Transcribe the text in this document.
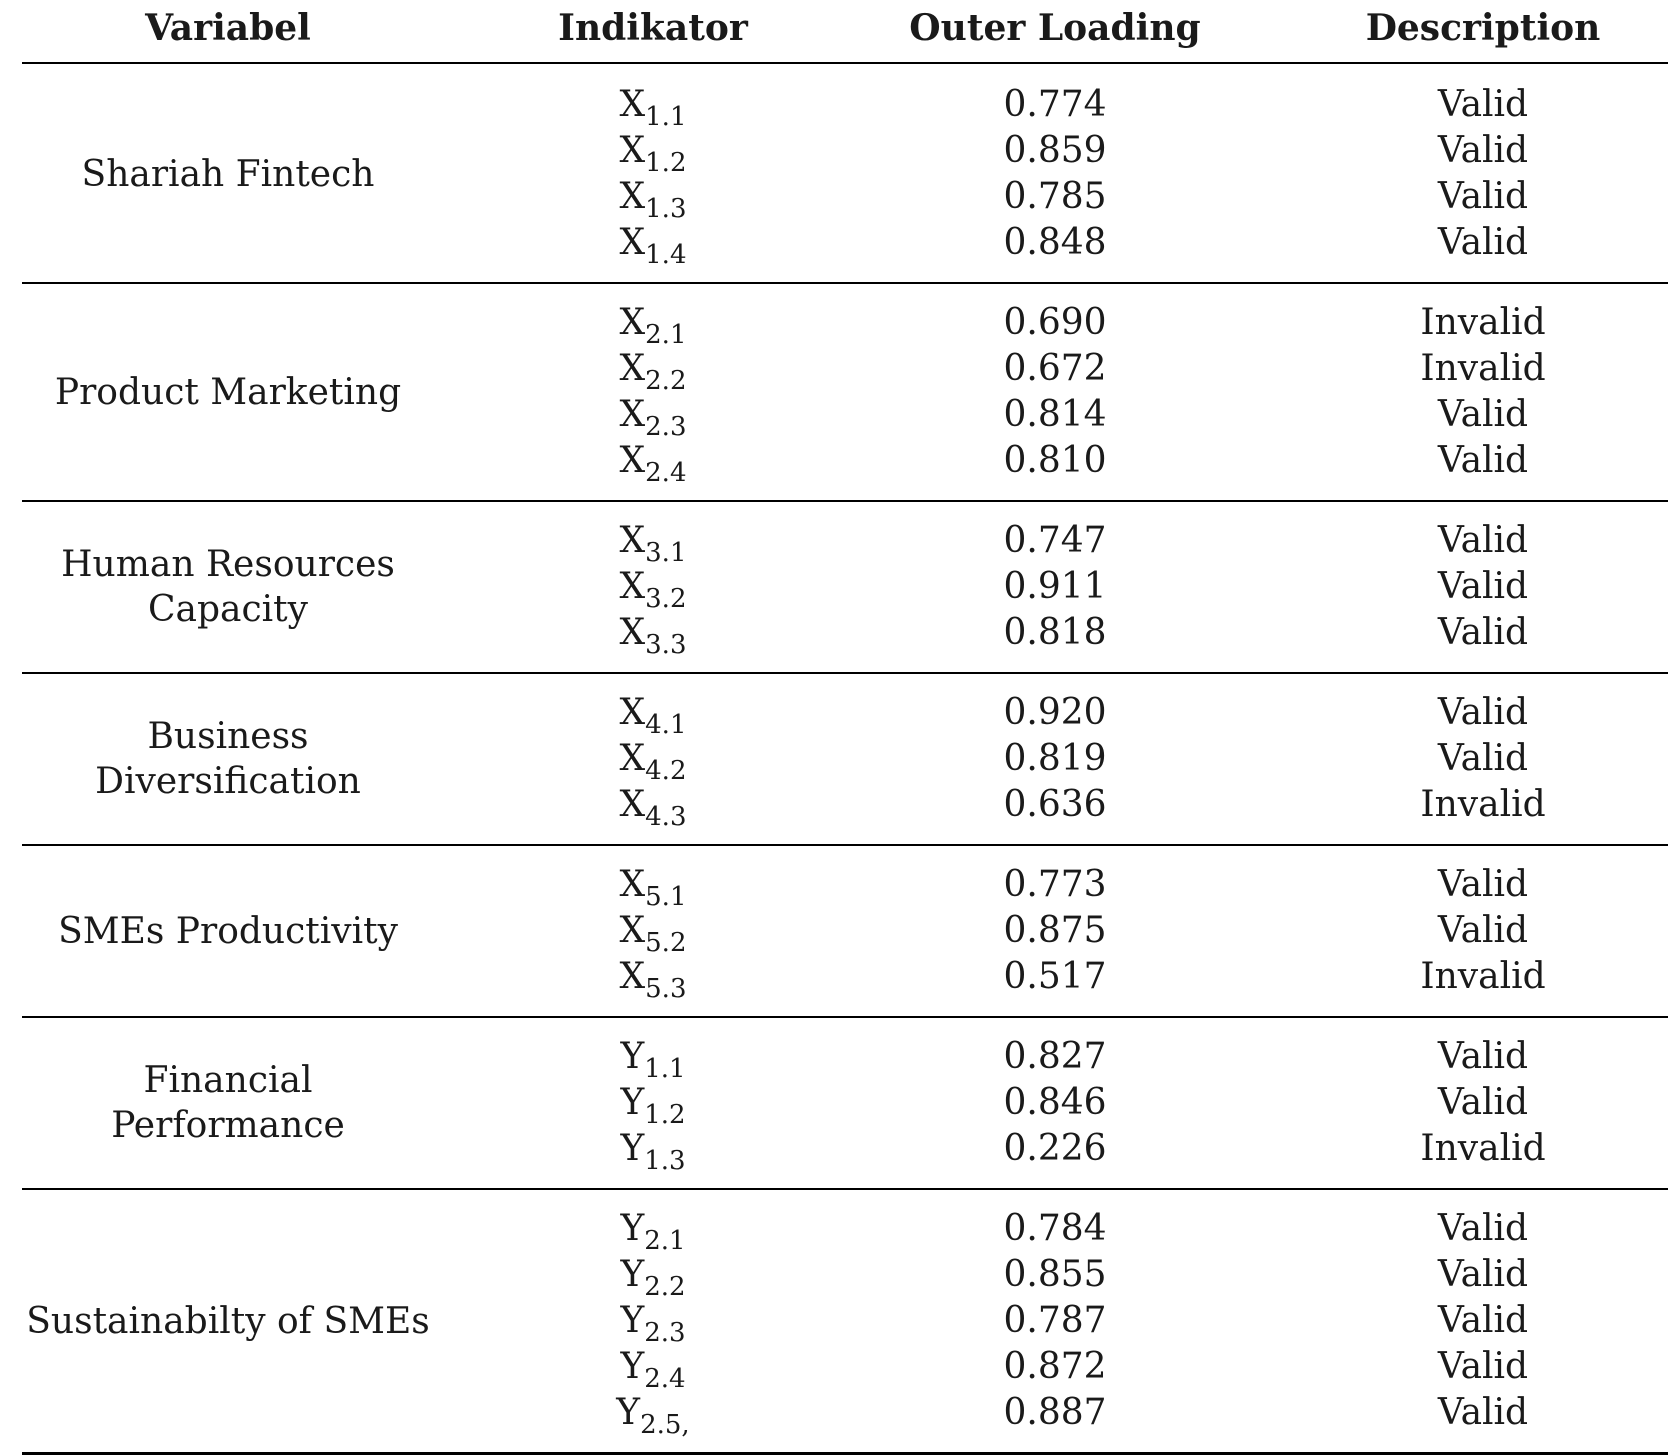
Variabel	Indikator	Outer Loading	Description
Shariah Fintech
$X_{1.1}$	0.774	Valid
$X_{1.2}$	0.859	Valid
$X_{1.3}$	0.785	Valid
$X_{1.4}$	0.848	Valid
Product Marketing
$X_{2.1}$	0.690	Invalid
$X_{2.2}$	0.672	Invalid
$X_{2.3}$	0.814	Valid
$X_{2.4}$	0.810	Valid
Human Resources
Capacity
$X_{3.1}$	0.747	Valid
$X_{3.2}$	0.911	Valid
$X_{3.3}$	0.818	Valid
Business
Diversification
$X_{4.1}$	0.920	Valid
$X_{4.2}$	0.819	Valid
$X_{4.3}$	0.636	Invalid
SMEs Productivity
$X_{5.1}$	0.773	Valid
$X_{5.2}$	0.875	Valid
$X_{5.3}$	0.517	Invalid
Financial
Performance
$Y_{1.1}$	0.827	Valid
$Y_{1.2}$	0.846	Valid
$Y_{1.3}$	0.226	Invalid
Sustainabilty of SMEs
$Y_{2.1}$	0.784	Valid
$Y_{2.2}$	0.855	Valid
$Y_{2.3}$	0.787	Valid
$Y_{2.4}$	0.872	Valid
$Y_{2.5,}$	0.887	Valid
